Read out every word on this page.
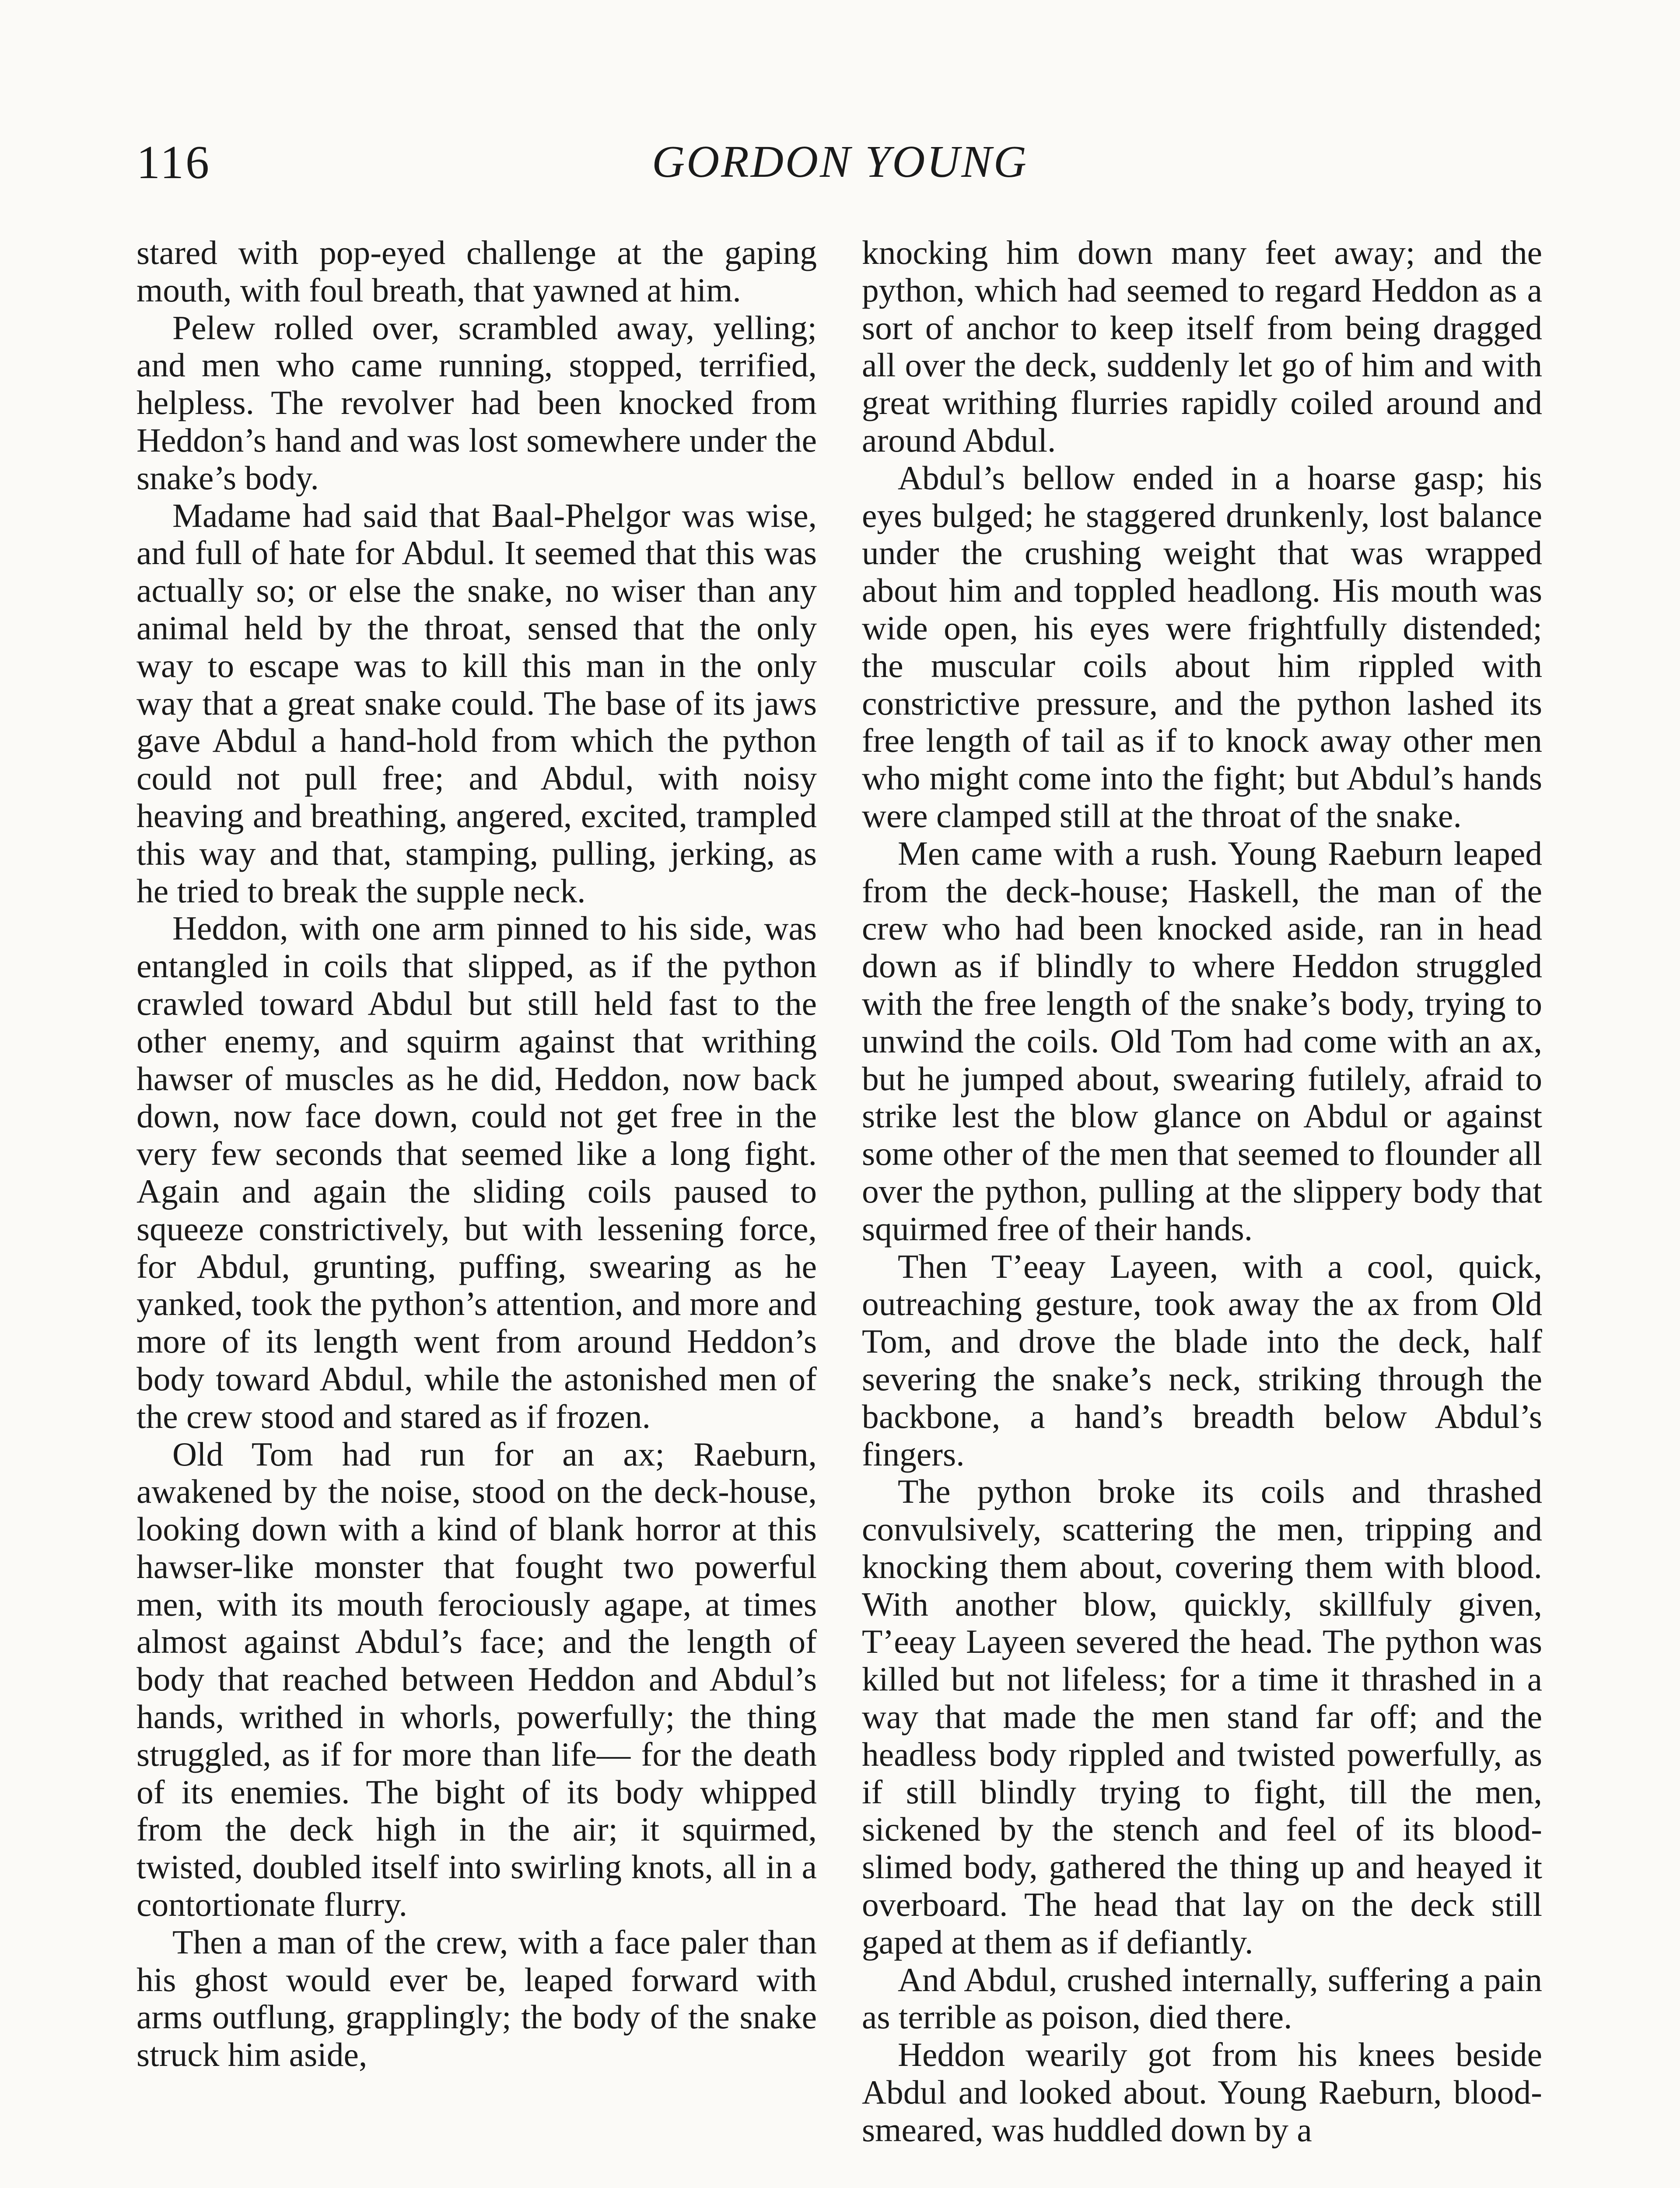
116	GORDON YOUNG

stared with pop-eyed challenge at the gaping mouth, with foul breath, that yawned at him.

Pelew rolled over, scrambled away, yelling; and men who came running, stopped, terrified, helpless. The revolver had been knocked from Heddon’s hand and was lost somewhere under the snake’s body.

Madame had said that Baal-Phelgor was wise, and full of hate for Abdul. It seemed that this was actually so; or else the snake, no wiser than any animal held by the throat, sensed that the only way to escape was to kill this man in the only way that a great snake could. The base of its jaws gave Abdul a hand-hold from which the python could not pull free; and Abdul, with noisy heaving and breathing, angered, excited, trampled this way and that, stamping, pulling, jerking, as he tried to break the supple neck.

Heddon, with one arm pinned to his side, was entangled in coils that slipped, as if the python crawled toward Abdul but still held fast to the other enemy, and squirm against that writhing hawser of muscles as he did, Heddon, now back down, now face down, could not get free in the very few seconds that seemed like a long fight. Again and again the sliding coils paused to squeeze constrictively, but with lessening force, for Abdul, grunting, puffing, swearing as he yanked, took the python’s attention, and more and more of its length went from around Heddon’s body toward Abdul, while the astonished men of the crew stood and stared as if frozen.

Old Tom had run for an ax; Raeburn, awakened by the noise, stood on the deck-house, looking down with a kind of blank horror at this hawser-like monster that fought two powerful men, with its mouth ferociously agape, at times almost against Abdul’s face; and the length of body that reached between Heddon and Abdul’s hands, writhed in whorls, powerfully; the thing struggled, as if for more than life— for the death of its enemies. The bight of its body whipped from the deck high in the air; it squirmed, twisted, doubled itself into swirling knots, all in a contortionate flurry.

Then a man of the crew, with a face paler than his ghost would ever be, leaped forward with arms outflung, grapplingly; the body of the snake struck him aside,

knocking him down many feet away; and the python, which had seemed to regard Heddon as a sort of anchor to keep itself from being dragged all over the deck, suddenly let go of him and with great writhing flurries rapidly coiled around and around Abdul.

Abdul’s bellow ended in a hoarse gasp; his eyes bulged; he staggered drunkenly, lost balance under the crushing weight that was wrapped about him and toppled headlong. His mouth was wide open, his eyes were frightfully distended; the muscular coils about him rippled with constrictive pressure, and the python lashed its free length of tail as if to knock away other men who might come into the fight; but Abdul’s hands were clamped still at the throat of the snake.

Men came with a rush. Young Raeburn leaped from the deck-house; Haskell, the man of the crew who had been knocked aside, ran in head down as if blindly to where Heddon struggled with the free length of the snake’s body, trying to unwind the coils. Old Tom had come with an ax, but he jumped about, swearing futilely, afraid to strike lest the blow glance on Abdul or against some other of the men that seemed to flounder all over the python, pulling at the slippery body that squirmed free of their hands.

Then T’eeay Layeen, with a cool, quick, outreaching gesture, took away the ax from Old Tom, and drove the blade into the deck, half severing the snake’s neck, striking through the backbone, a hand’s breadth below Abdul’s fingers.

The python broke its coils and thrashed convulsively, scattering the men, tripping and knocking them about, covering them with blood. With another blow, quickly, skillfuly given, T’eeay Layeen severed the head. The python was killed but not lifeless; for a time it thrashed in a way that made the men stand far off; and the headless body rippled and twisted powerfully, as if still blindly trying to fight, till the men, sickened by the stench and feel of its blood-slimed body, gathered the thing up and heayed it overboard. The head that lay on the deck still gaped at them as if defiantly.

And Abdul, crushed internally, suffering a pain as terrible as poison, died there.

Heddon wearily got from his knees beside Abdul and looked about. Young Raeburn, blood-smeared, was huddled down by a
